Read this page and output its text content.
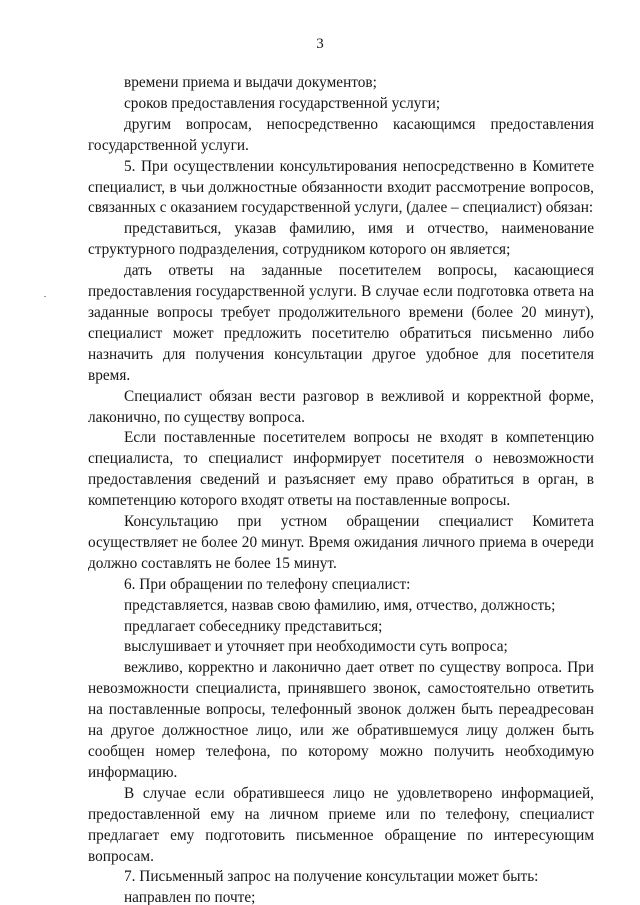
3

времени приема и выдачи документов;

сроков предоставления государственной услуги;

другим вопросам, непосредственно касающимся предоставления государственной услуги.

5. При осуществлении консультирования непосредственно в Комитете специалист, в чьи должностные обязанности входит рассмотрение вопросов, связанных с оказанием государственной услуги, (далее – специалист) обязан:

представиться, указав фамилию, имя и отчество, наименование структурного подразделения, сотрудником которого он является;

дать ответы на заданные посетителем вопросы, касающиеся предоставления государственной услуги. В случае если подготовка ответа на заданные вопросы требует продолжительного времени (более 20 минут), специалист может предложить посетителю обратиться письменно либо назначить для получения консультации другое удобное для посетителя время.

Специалист обязан вести разговор в вежливой и корректной форме, лаконично, по существу вопроса.

Если поставленные посетителем вопросы не входят в компетенцию специалиста, то специалист информирует посетителя о невозможности предоставления сведений и разъясняет ему право обратиться в орган, в компетенцию которого входят ответы на поставленные вопросы.

Консультацию при устном обращении специалист Комитета осуществляет не более 20 минут. Время ожидания личного приема в очереди должно составлять не более 15 минут.

6. При обращении по телефону специалист:

представляется, назвав свою фамилию, имя, отчество, должность;

предлагает собеседнику представиться;

выслушивает и уточняет при необходимости суть вопроса;

вежливо, корректно и лаконично дает ответ по существу вопроса. При невозможности специалиста, принявшего звонок, самостоятельно ответить на поставленные вопросы, телефонный звонок должен быть переадресован на другое должностное лицо, или же обратившемуся лицу должен быть сообщен номер телефона, по которому можно получить необходимую информацию.

В случае если обратившееся лицо не удовлетворено информацией, предоставленной ему на личном приеме или по телефону, специалист предлагает ему подготовить письменное обращение по интересующим вопросам.

7. Письменный запрос на получение консультации может быть:

направлен по почте;
